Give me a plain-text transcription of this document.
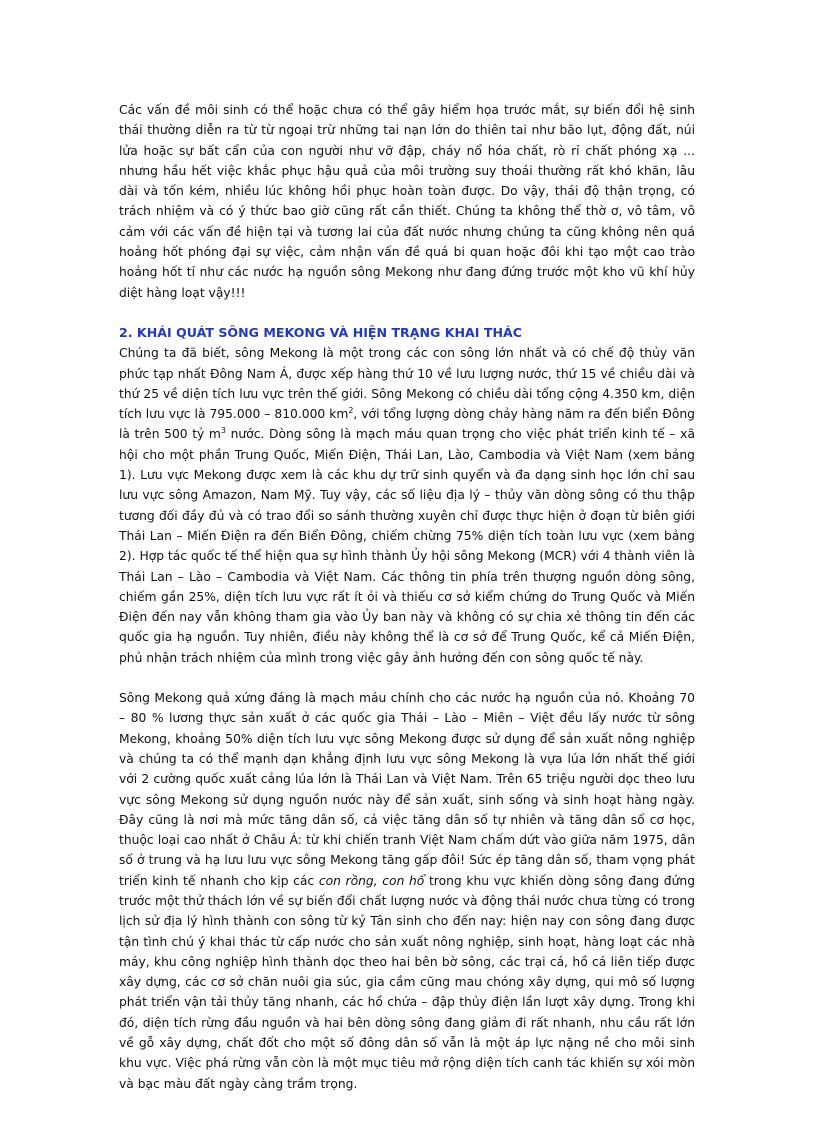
Các vấn đề môi sinh có thể hoặc chưa có thể gây hiểm họa trước mắt, sự biến đổi hệ sinh thái thường diễn ra từ từ ngoại trừ những tai nạn lớn do thiên tai như bão lụt, động đất, núi lửa hoặc sự bất cẩn của con người như vỡ đập, cháy nổ hóa chất, rò rỉ chất phóng xạ ... nhưng hầu hết việc khắc phục hậu quả của môi trường suy thoái thường rất khó khăn, lâu dài và tốn kém, nhiều lúc không hồi phục hoàn toàn được. Do vậy, thái độ thận trọng, có trách nhiệm và có ý thức bao giờ cũng rất cần thiết. Chúng ta không thể thờ ơ, vô tâm, vô cảm với các vấn đề hiện tại và tương lai của đất nước nhưng chúng ta cũng không nên quá hoảng hốt phóng đại sự việc, cảm nhận vấn đề quá bi quan hoặc đôi khi tạo một cao trào hoảng hốt tỉ như các nước hạ nguồn sông Mekong như đang đứng trước một kho vũ khí hủy diệt hàng loạt vậy!!!

2. KHÁI QUÁT SÔNG MEKONG VÀ HIỆN TRẠNG KHAI THÁC

Chúng ta đã biết, sông Mekong là một trong các con sông lớn nhất và có chế độ thủy văn phức tạp nhất Đông Nam Á, được xếp hàng thứ 10 về lưu lượng nước, thứ 15 về chiều dài và thứ 25 về diện tích lưu vực trên thế giới. Sông Mekong có chiều dài tổng cộng 4.350 km, diện tích lưu vực là 795.000 – 810.000 $km^2$, với tổng lượng dòng chảy hàng năm ra đến biển Đông là trên 500 tỷ $m^3$ nước. Dòng sông là mạch máu quan trọng cho việc phát triển kinh tế – xã hội cho một phần Trung Quốc, Miến Điện, Thái Lan, Lào, Cambodia và Việt Nam (xem bảng 1). Lưu vực Mekong được xem là các khu dự trữ sinh quyển và đa dạng sinh học lớn chỉ sau lưu vực sông Amazon, Nam Mỹ. Tuy vậy, các số liệu địa lý – thủy văn dòng sông có thu thập tương đối đầy đủ và có trao đổi so sánh thường xuyên chỉ được thực hiện ở đoạn từ biên giới Thái Lan – Miến Điện ra đến Biển Đông, chiếm chừng 75% diện tích toàn lưu vực (xem bảng 2). Hợp tác quốc tế thể hiện qua sự hình thành Ủy hội sông Mekong (MCR) với 4 thành viên là Thái Lan – Lào – Cambodia và Việt Nam. Các thông tin phía trên thượng nguồn dòng sông, chiếm gần 25%, diện tích lưu vực rất ít ỏi và thiếu cơ sở kiểm chứng do Trung Quốc và Miến Điện đến nay vẫn không tham gia vào Ủy ban này và không có sự chia xẻ thông tin đến các quốc gia hạ nguồn. Tuy nhiên, điều này không thể là cơ sở để Trung Quốc, kể cả Miến Điện, phủ nhận trách nhiệm của mình trong việc gây ảnh hưởng đến con sông quốc tế này.

Sông Mekong quả xứng đáng là mạch máu chính cho các nước hạ nguồn của nó. Khoảng 70 – 80 % lương thực sản xuất ở các quốc gia Thái – Lào – Miên – Việt đều lấy nước từ sông Mekong, khoảng 50% diện tích lưu vực sông Mekong được sử dụng để sản xuất nông nghiệp và chúng ta có thể mạnh dạn khẳng định lưu vực sông Mekong là vựa lúa lớn nhất thế giới với 2 cường quốc xuất cảng lúa lớn là Thái Lan và Việt Nam. Trên 65 triệu người dọc theo lưu vực sông Mekong sử dụng nguồn nước này để sản xuất, sinh sống và sinh hoạt hàng ngày. Đây cũng là nơi mà mức tăng dân số, cả việc tăng dân số tự nhiên và tăng dân số cơ học, thuộc loại cao nhất ở Châu Á: từ khi chiến tranh Việt Nam chấm dứt vào giữa năm 1975, dân số ở trung và hạ lưu lưu vực sông Mekong tăng gấp đôi! Sức ép tăng dân số, tham vọng phát triển kinh tế nhanh cho kịp các con rồng, con hổ trong khu vực khiến dòng sông đang đứng trước một thử thách lớn về sự biến đổi chất lượng nước và động thái nước chưa từng có trong lịch sử địa lý hình thành con sông từ kỷ Tân sinh cho đến nay: hiện nay con sông đang được tận tình chú ý khai thác từ cấp nước cho sản xuất nông nghiệp, sinh hoạt, hàng loạt các nhà máy, khu công nghiệp hình thành dọc theo hai bên bờ sông, các trại cá, hồ cá liên tiếp được xây dựng, các cơ sở chăn nuôi gia súc, gia cầm cũng mau chóng xây dựng, qui mô số lượng phát triển vận tải thủy tăng nhanh, các hồ chứa – đập thủy điện lần lượt xây dựng. Trong khi đó, diện tích rừng đầu nguồn và hai bên dòng sông đang giảm đi rất nhanh, nhu cầu rất lớn về gỗ xây dựng, chất đốt cho một số đông dân số vẫn là một áp lực nặng nề cho môi sinh khu vực. Việc phá rừng vẫn còn là một mục tiêu mở rộng diện tích canh tác khiến sự xói mòn và bạc màu đất ngày càng trầm trọng.
